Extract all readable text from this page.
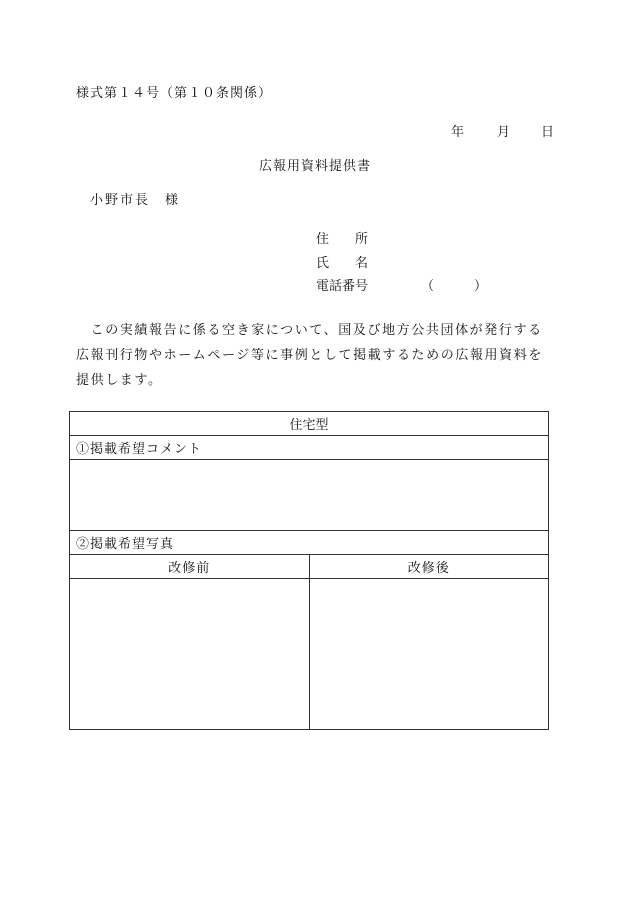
様式第１４号（第１０条関係）
年	月 日
広報用資料提供書
小野市長　様
住　　所
氏　　名
電話番号	（	）
　この実績報告に係る空き家について、国及び地方公共団体が発行する広報刊行物やホームページ等に事例として掲載するための広報用資料を提供します。
住宅型	
①掲載希望コメント	

②掲載希望写真	
改修前	改修後
